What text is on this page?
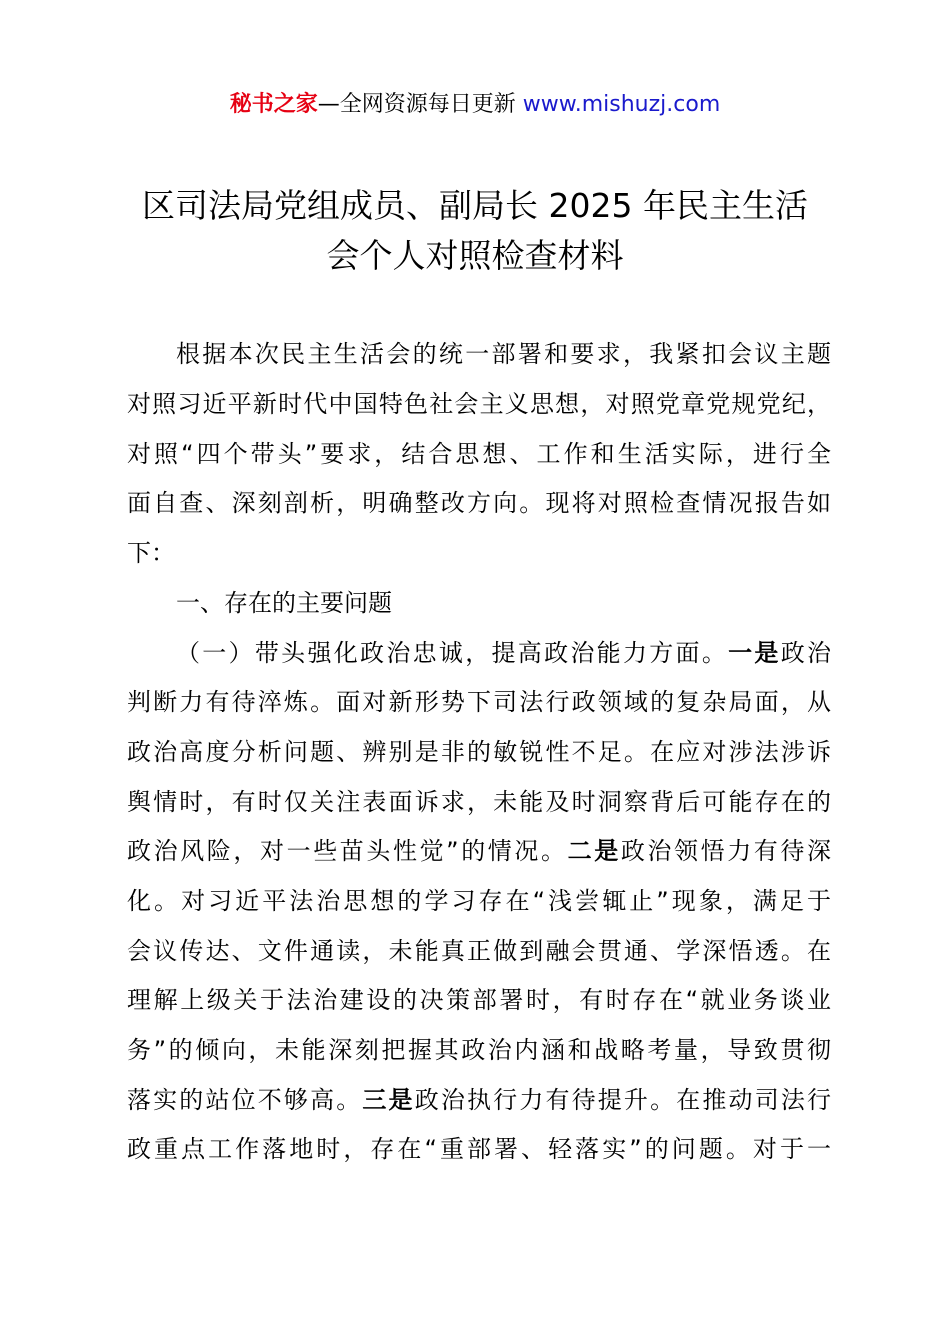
秘书之家—全网资源每日更新 www.mishuzj.com
区司法局党组成员、副局长 2025 年民主生活
会个人对照检查材料
根据本次民主生活会的统一部署和要求，我紧扣会议主题
对照习近平新时代中国特色社会主义思想，对照党章党规党纪，
对照“四个带头”要求，结合思想、工作和生活实际，进行全
面自查、深刻剖析，明确整改方向。现将对照检查情况报告如
下：
一、存在的主要问题
（一）带头强化政治忠诚，提高政治能力方面。一是政治
判断力有待淬炼。面对新形势下司法行政领域的复杂局面，从
政治高度分析问题、辨别是非的敏锐性不足。在应对涉法涉诉
舆情时，有时仅关注表面诉求，未能及时洞察背后可能存在的
政治风险，对一些苗头性觉”的情况。二是政治领悟力有待深
化。对习近平法治思想的学习存在“浅尝辄止”现象，满足于
会议传达、文件通读，未能真正做到融会贯通、学深悟透。在
理解上级关于法治建设的决策部署时，有时存在“就业务谈业
务”的倾向，未能深刻把握其政治内涵和战略考量，导致贯彻
落实的站位不够高。三是政治执行力有待提升。在推动司法行
政重点工作落地时，存在“重部署、轻落实”的问题。对于一
